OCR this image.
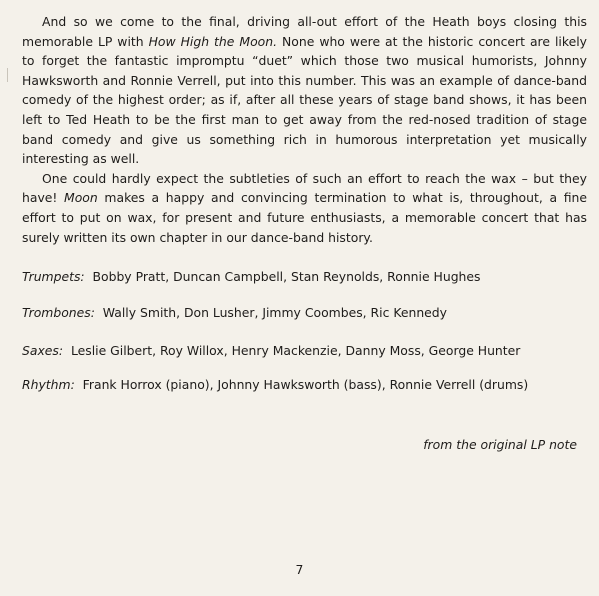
And so we come to the final, driving all-out effort of the Heath boys closing this memorable LP with How High the Moon. None who were at the historic concert are likely to forget the fantastic impromptu “duet” which those two musical humorists, Johnny Hawksworth and Ronnie Verrell, put into this number. This was an example of dance-band comedy of the highest order; as if, after all these years of stage band shows, it has been left to Ted Heath to be the first man to get away from the red-nosed tradition of stage band comedy and give us something rich in humorous interpretation yet musically interesting as well.

One could hardly expect the subtleties of such an effort to reach the wax – but they have! Moon makes a happy and convincing termination to what is, throughout, a fine effort to put on wax, for present and future enthusiasts, a memorable concert that has surely written its own chapter in our dance-band history.

Trumpets: Bobby Pratt, Duncan Campbell, Stan Reynolds, Ronnie Hughes
Trombones: Wally Smith, Don Lusher, Jimmy Coombes, Ric Kennedy
Saxes: Leslie Gilbert, Roy Willox, Henry Mackenzie, Danny Moss, George Hunter
Rhythm: Frank Horrox (piano), Johnny Hawksworth (bass), Ronnie Verrell (drums)
from the original LP note
7
